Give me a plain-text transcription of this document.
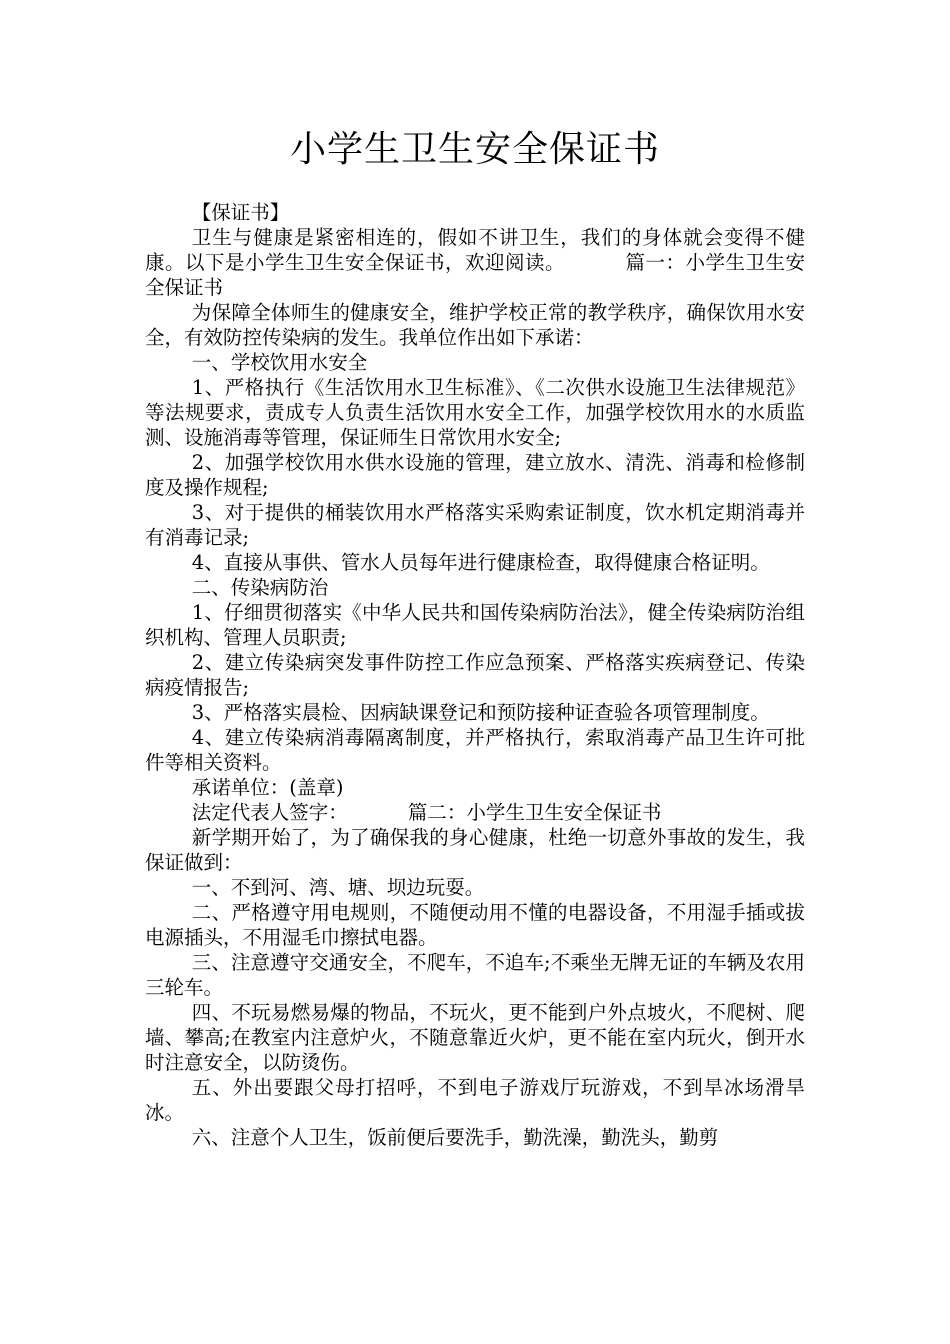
小学生卫生安全保证书

【保证书】

卫生与健康是紧密相连的，假如不讲卫生，我们的身体就会变得不健康。以下是小学生卫生安全保证书，欢迎阅读。	篇一：小学生卫生安全保证书

为保障全体师生的健康安全，维护学校正常的教学秩序，确保饮用水安全，有效防控传染病的发生。我单位作出如下承诺：

一、学校饮用水安全

1、严格执行《生活饮用水卫生标准》、《二次供水设施卫生法律规范》等法规要求，责成专人负责生活饮用水安全工作，加强学校饮用水的水质监测、设施消毒等管理，保证师生日常饮用水安全;

2、加强学校饮用水供水设施的管理，建立放水、清洗、消毒和检修制度及操作规程;

3、对于提供的桶装饮用水严格落实采购索证制度，饮水机定期消毒并有消毒记录;

4、直接从事供、管水人员每年进行健康检查，取得健康合格证明。

二、传染病防治

1、仔细贯彻落实《中华人民共和国传染病防治法》，健全传染病防治组织机构、管理人员职责;

2、建立传染病突发事件防控工作应急预案、严格落实疾病登记、传染病疫情报告;

3、严格落实晨检、因病缺课登记和预防接种证查验各项管理制度。

4、建立传染病消毒隔离制度，并严格执行，索取消毒产品卫生许可批件等相关资料。

承诺单位：(盖章)

法定代表人签字：	篇二：小学生卫生安全保证书

新学期开始了，为了确保我的身心健康，杜绝一切意外事故的发生，我保证做到：

一、不到河、湾、塘、坝边玩耍。

二、严格遵守用电规则，不随便动用不懂的电器设备，不用湿手插或拔电源插头，不用湿毛巾擦拭电器。

三、注意遵守交通安全，不爬车，不追车;不乘坐无牌无证的车辆及农用三轮车。

四、不玩易燃易爆的物品，不玩火，更不能到户外点坡火，不爬树、爬墙、攀高;在教室内注意炉火，不随意靠近火炉，更不能在室内玩火，倒开水时注意安全，以防烫伤。

五、外出要跟父母打招呼，不到电子游戏厅玩游戏，不到旱冰场滑旱冰。

六、注意个人卫生，饭前便后要洗手，勤洗澡，勤洗头，勤剪
